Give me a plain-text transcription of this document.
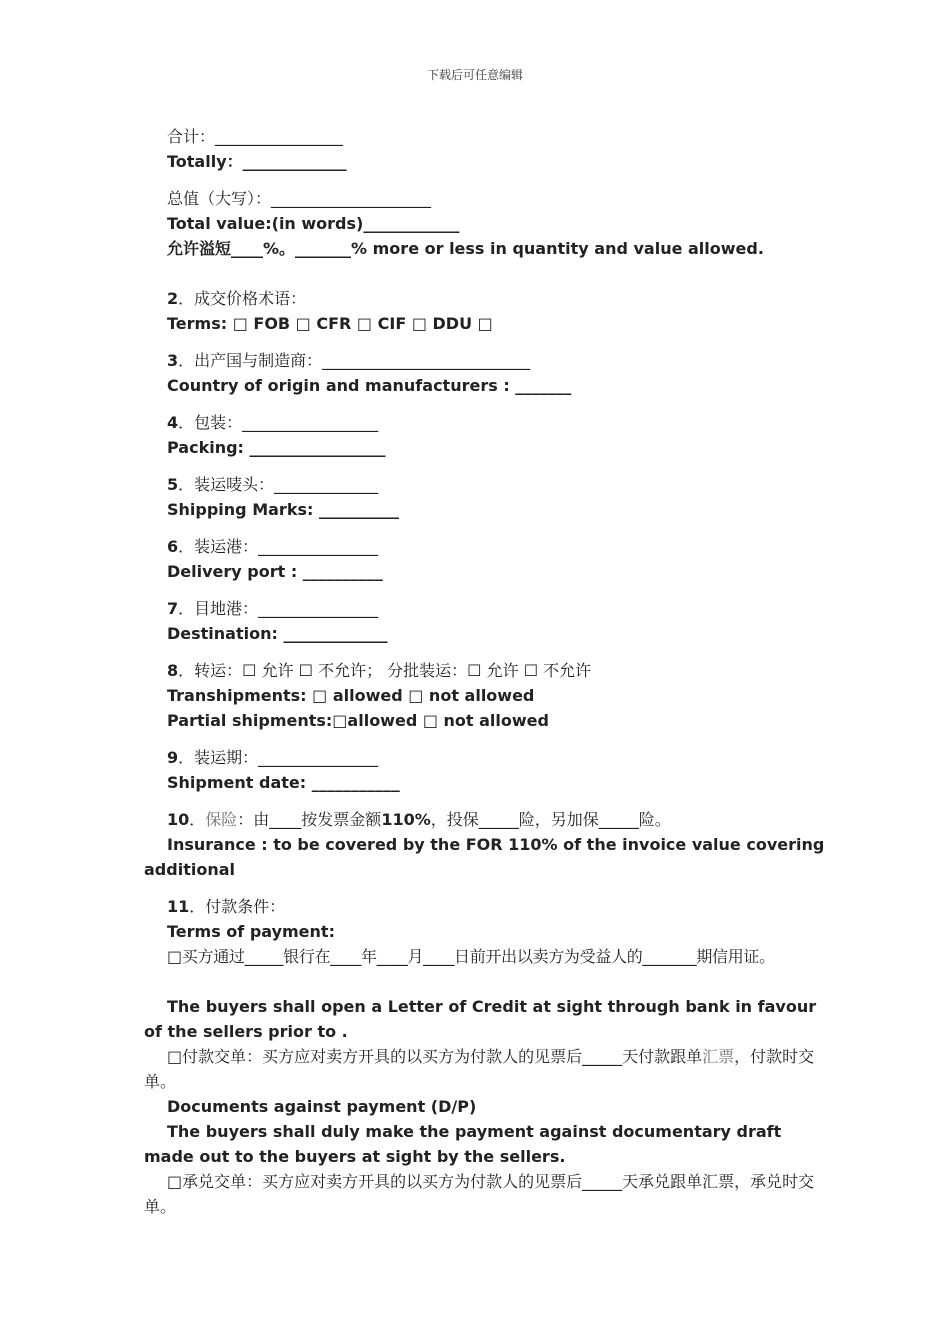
下载后可任意编辑
合计：________________
Totally：_____________
总值（大写）：____________________
Total value:(in words)____________
允许溢短____%。_______% more or less in quantity and value allowed.
2．成交价格术语：
Terms: □ FOB □ CFR □ CIF □ DDU □
3．出产国与制造商：__________________________
Country of origin and manufacturers : _______
4．包装：_________________
Packing: _________________
5．装运唛头：_____________
Shipping Marks: __________
6．装运港：_______________
Delivery port : __________
7．目地港：_______________
Destination: _____________
8．转运：☐ 允许 ☐ 不允许； 分批装运：☐ 允许 ☐ 不允许
Transhipments: □ allowed □ not allowed
Partial shipments:□allowed □ not allowed
9．装运期：_______________
Shipment date: ___________
10．保险：由____按发票金额110%，投保_____险，另加保_____险。
Insurance : to be covered by the FOR 110% of the invoice value covering additional
11．付款条件：
Terms of payment:
□买方通过_____银行在____年____月____日前开出以卖方为受益人的_______期信用证。
The buyers shall open a Letter of Credit at sight through bank in favour of the sellers prior to .
□付款交单：买方应对卖方开具的以买方为付款人的见票后_____天付款跟单汇票，付款时交单。
Documents against payment (D/P)
The buyers shall duly make the payment against documentary draft made out to the buyers at sight by the sellers.
□承兑交单：买方应对卖方开具的以买方为付款人的见票后_____天承兑跟单汇票，承兑时交单。
